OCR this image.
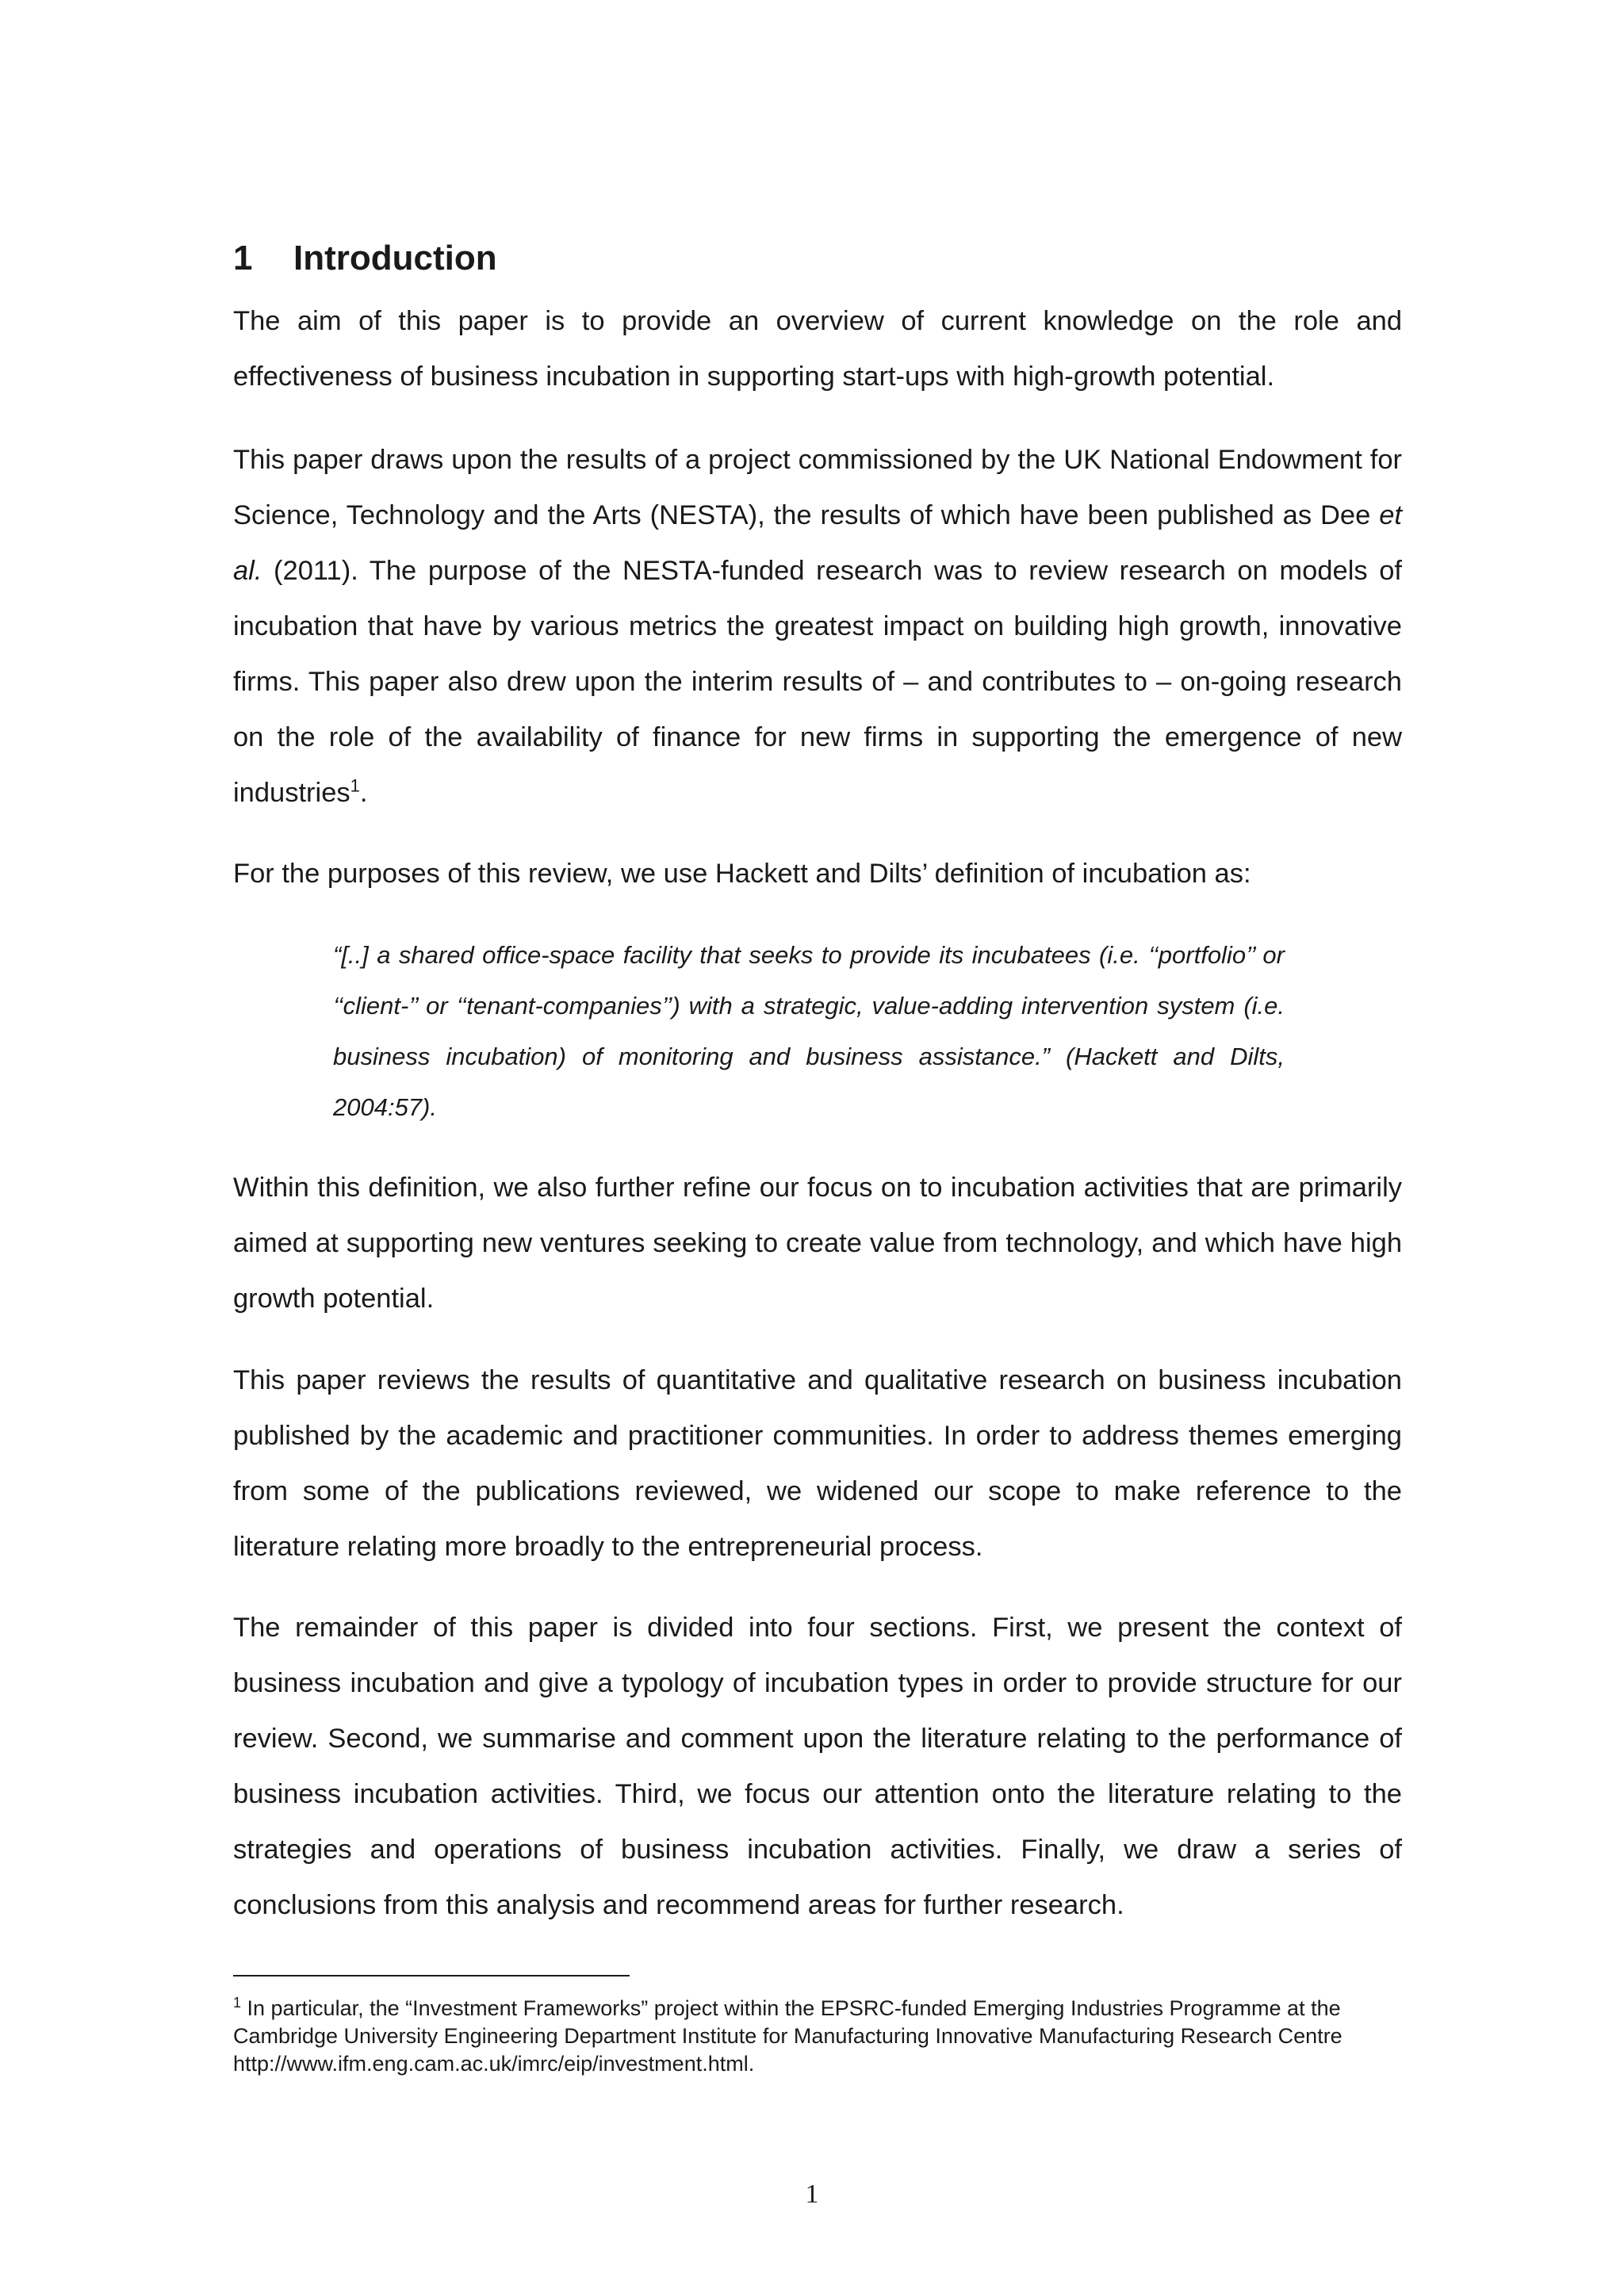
1 Introduction

The aim of this paper is to provide an overview of current knowledge on the role and effectiveness of business incubation in supporting start-ups with high-growth potential.

This paper draws upon the results of a project commissioned by the UK National Endowment for Science, Technology and the Arts (NESTA), the results of which have been published as Dee et al. (2011). The purpose of the NESTA-funded research was to review research on models of incubation that have by various metrics the greatest impact on building high growth, innovative firms. This paper also drew upon the interim results of – and contributes to – on-going research on the role of the availability of finance for new firms in supporting the emergence of new industries$^1$.

For the purposes of this review, we use Hackett and Dilts’ definition of incubation as:

“[..] a shared office-space facility that seeks to provide its incubatees (i.e. ‘‘portfolio’’ or ‘‘client-’’ or ‘‘tenant-companies’’) with a strategic, value-adding intervention system (i.e. business incubation) of monitoring and business assistance.” (Hackett and Dilts, 2004:57).

Within this definition, we also further refine our focus on to incubation activities that are primarily aimed at supporting new ventures seeking to create value from technology, and which have high growth potential.

This paper reviews the results of quantitative and qualitative research on business incubation published by the academic and practitioner communities. In order to address themes emerging from some of the publications reviewed, we widened our scope to make reference to the literature relating more broadly to the entrepreneurial process.

The remainder of this paper is divided into four sections. First, we present the context of business incubation and give a typology of incubation types in order to provide structure for our review. Second, we summarise and comment upon the literature relating to the performance of business incubation activities. Third, we focus our attention onto the literature relating to the strategies and operations of business incubation activities. Finally, we draw a series of conclusions from this analysis and recommend areas for further research.

$^1$ In particular, the “Investment Frameworks” project within the EPSRC-funded Emerging Industries Programme at the Cambridge University Engineering Department Institute for Manufacturing Innovative Manufacturing Research Centre http://www.ifm.eng.cam.ac.uk/imrc/eip/investment.html.

1
